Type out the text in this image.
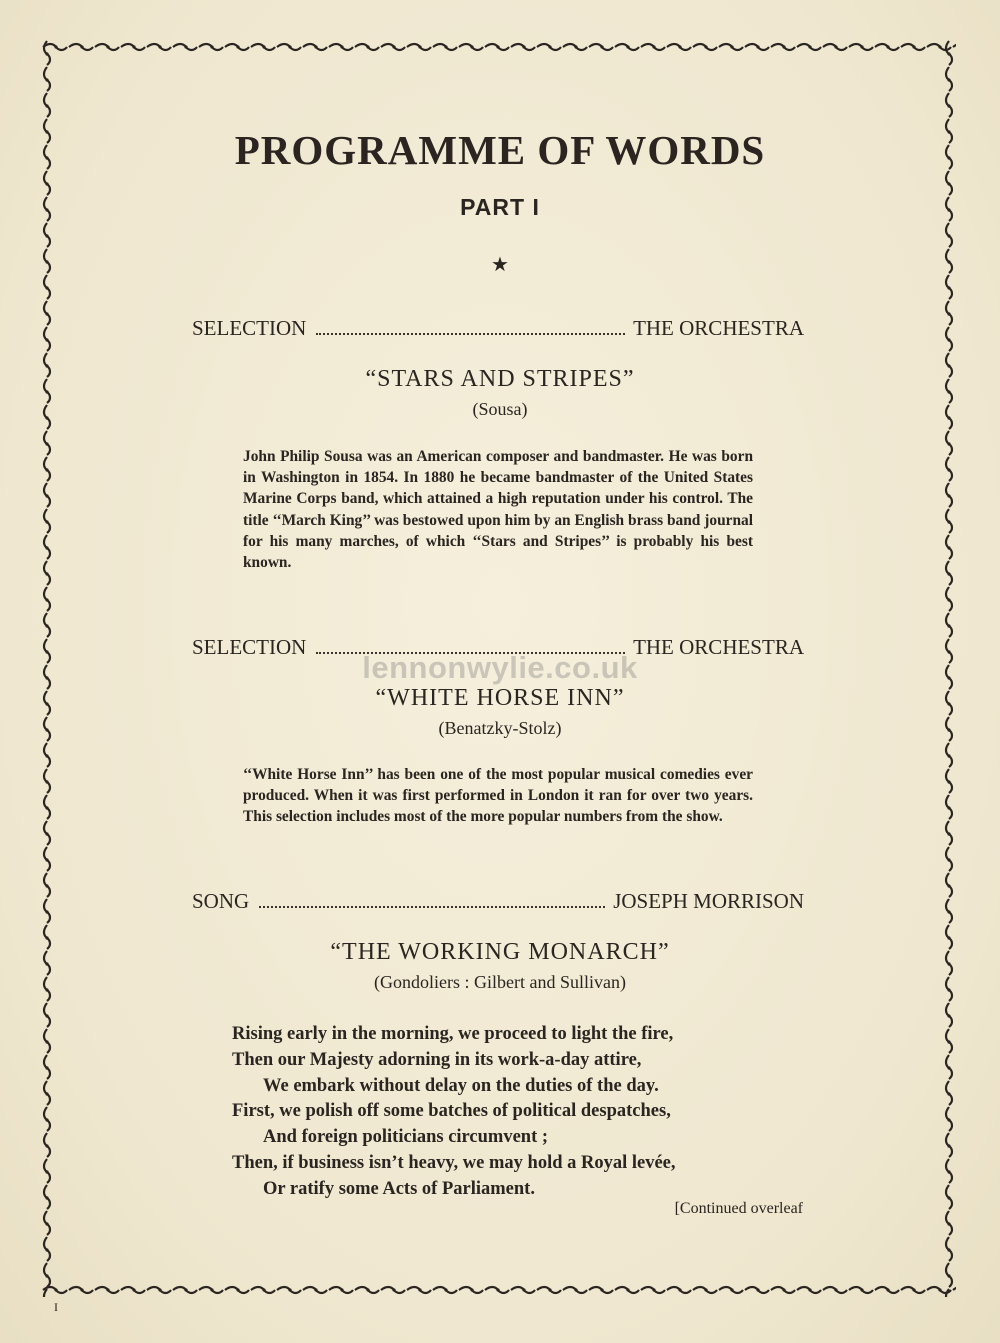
lennonwylie.co.uk
PROGRAMME OF WORDS
PART I
★
SELECTION	THE ORCHESTRA
“STARS AND STRIPES”
(Sousa)
John Philip Sousa was an American composer and bandmaster. He was born in Washington in 1854. In 1880 he became bandmaster of the United States Marine Corps band, which attained a high reputation under his control. The title ‘‘March King’’ was bestowed upon him by an English brass band journal for his many marches, of which ‘‘Stars and Stripes’’ is probably his best known.
SELECTION	THE ORCHESTRA
“WHITE HORSE INN”
(Benatzky-Stolz)
‘‘White Horse Inn’’ has been one of the most popular musical comedies ever produced. When it was first performed in London it ran for over two years. This selection includes most of the more popular numbers from the show.
SONG	JOSEPH MORRISON
“THE WORKING MONARCH”
(Gondoliers : Gilbert and Sullivan)
Rising early in the morning, we proceed to light the fire,
Then our Majesty adorning in its work-a-day attire,
We embark without delay on the duties of the day.
First, we polish off some batches of political despatches,
And foreign politicians circumvent ;
Then, if business isn’t heavy, we may hold a Royal levée,
Or ratify some Acts of Parliament.
[Continued overleaf
I
